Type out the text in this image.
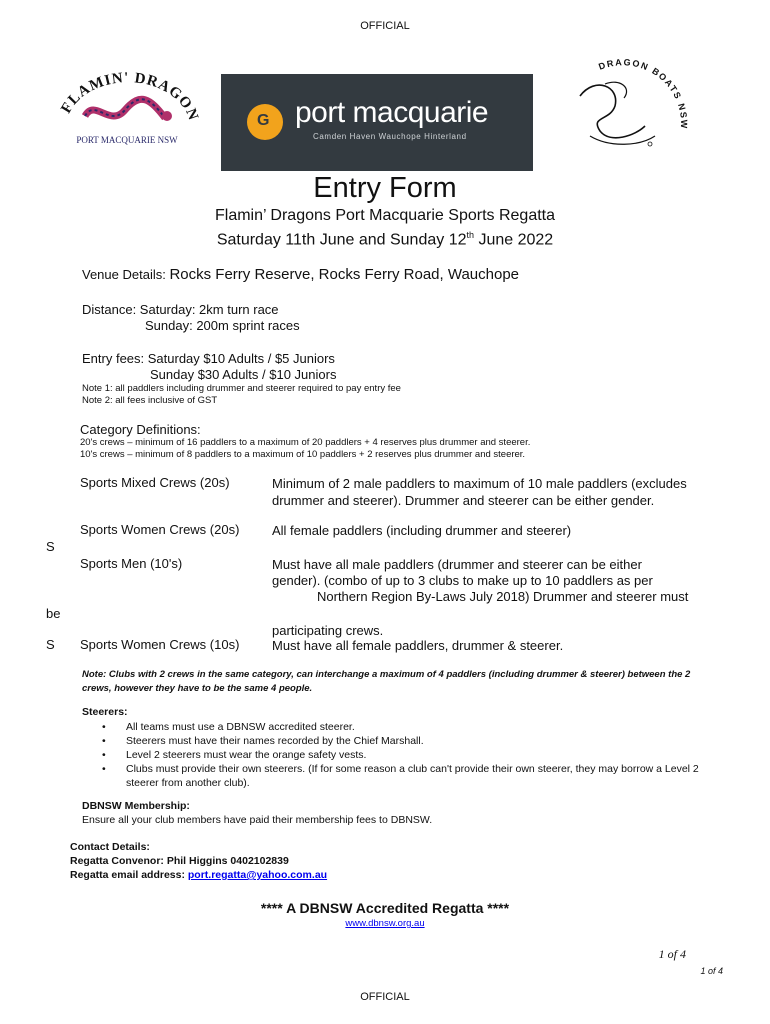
OFFICIAL
FLAMIN' DRAGON
PORT MACQUARIE NSW
G port macquarie
Camden Haven Wauchope Hinterland
DRAGON BOATS NSW
Entry Form
Flamin’ Dragons Port Macquarie Sports Regatta
Saturday 11th June and Sunday 12th June 2022
Venue Details: Rocks Ferry Reserve, Rocks Ferry Road, Wauchope
Distance: Saturday: 2km turn race
Sunday: 200m sprint races
Entry fees: Saturday $10 Adults / $5 Juniors
Sunday $30 Adults / $10 Juniors
Note 1: all paddlers including drummer and steerer required to pay entry fee
Note 2: all fees inclusive of GST
Category Definitions:
20's crews – minimum of 16 paddlers to a maximum of 20 paddlers + 4 reserves plus drummer and steerer.
10's crews – minimum of 8 paddlers to a maximum of 10 paddlers + 2 reserves plus drummer and steerer.
Sports Mixed Crews (20s)	Minimum of 2 male paddlers to maximum of 10 male paddlers (excludes drummer and steerer). Drummer and steerer can be either gender.
Sports Women Crews (20s)	All female paddlers (including drummer and steerer)
S
Sports Men (10's)	Must have all male paddlers (drummer and steerer can be either
gender). (combo of up to 3 clubs to make up to 10 paddlers as per
Northern Region By-Laws July 2018) Drummer and steerer must
be
participating crews.
S Sports Women Crews (10s)	Must have all female paddlers, drummer & steerer.
Note: Clubs with 2 crews in the same category, can interchange a maximum of 4 paddlers (including drummer & steerer) between the 2 crews, however they have to be the same 4 people.
Steerers:
• All teams must use a DBNSW accredited steerer.
• Steerers must have their names recorded by the Chief Marshall.
• Level 2 steerers must wear the orange safety vests.
• Clubs must provide their own steerers. (If for some reason a club can't provide their own steerer, they may borrow a Level 2 steerer from another club).
DBNSW Membership:
Ensure all your club members have paid their membership fees to DBNSW.
Contact Details:
Regatta Convenor: Phil Higgins 0402102839
Regatta email address: port.regatta@yahoo.com.au
**** A DBNSW Accredited Regatta ****
www.dbnsw.org.au
1 of 4
1 of 4
OFFICIAL
